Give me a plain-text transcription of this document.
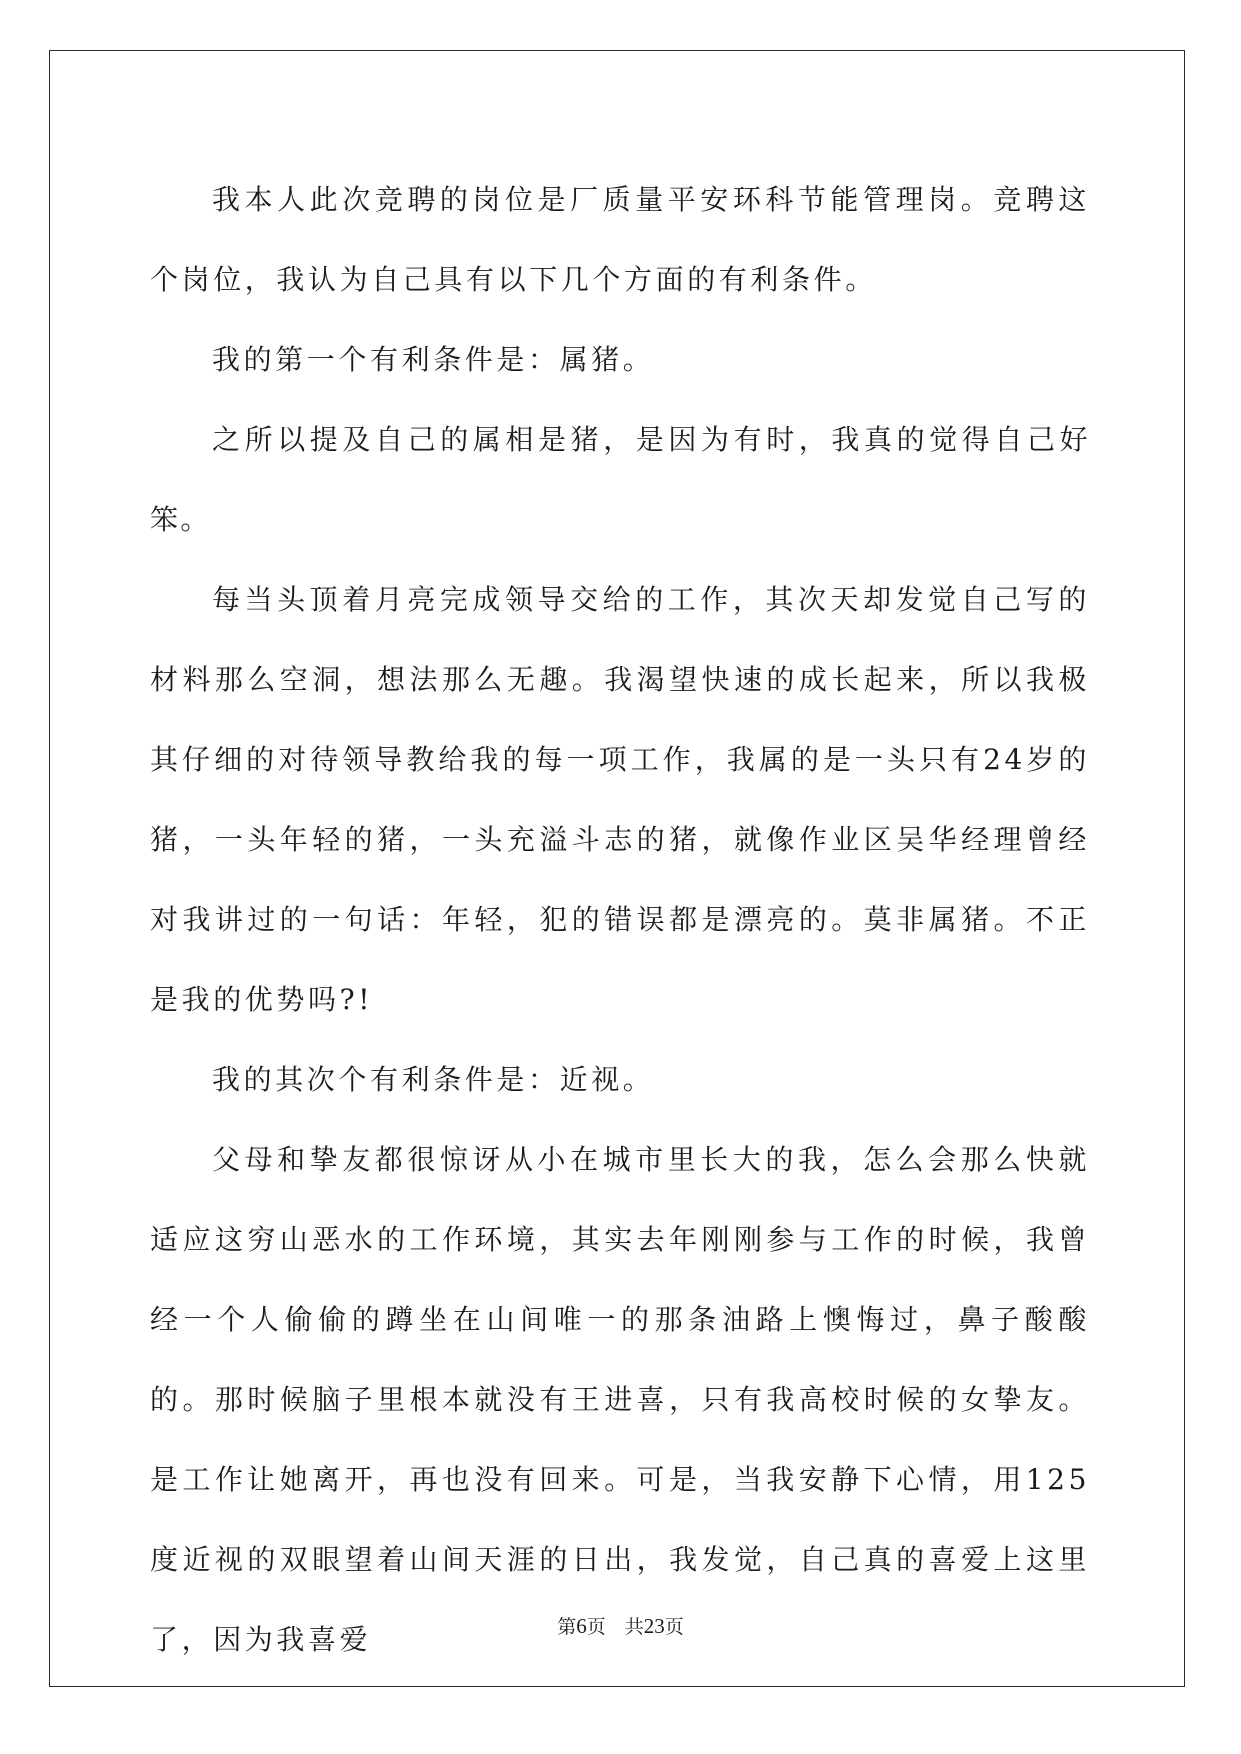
我本人此次竞聘的岗位是厂质量平安环科节能管理岗。竞聘这个岗位，我认为自己具有以下几个方面的有利条件。

我的第一个有利条件是：属猪。

之所以提及自己的属相是猪，是因为有时，我真的觉得自己好笨。

每当头顶着月亮完成领导交给的工作，其次天却发觉自己写的材料那么空洞，想法那么无趣。我渴望快速的成长起来，所以我极其仔细的对待领导教给我的每一项工作，我属的是一头只有24岁的猪，一头年轻的猪，一头充溢斗志的猪，就像作业区吴华经理曾经对我讲过的一句话：年轻，犯的错误都是漂亮的。莫非属猪。不正是我的优势吗?!

我的其次个有利条件是：近视。

父母和挚友都很惊讶从小在城市里长大的我，怎么会那么快就适应这穷山恶水的工作环境，其实去年刚刚参与工作的时候，我曾经一个人偷偷的蹲坐在山间唯一的那条油路上懊悔过，鼻子酸酸的。那时候脑子里根本就没有王进喜，只有我高校时候的女挚友。是工作让她离开，再也没有回来。可是，当我安静下心情，用125度近视的双眼望着山间天涯的日出，我发觉，自己真的喜爱上这里了，因为我喜爱	第6页　共23页
